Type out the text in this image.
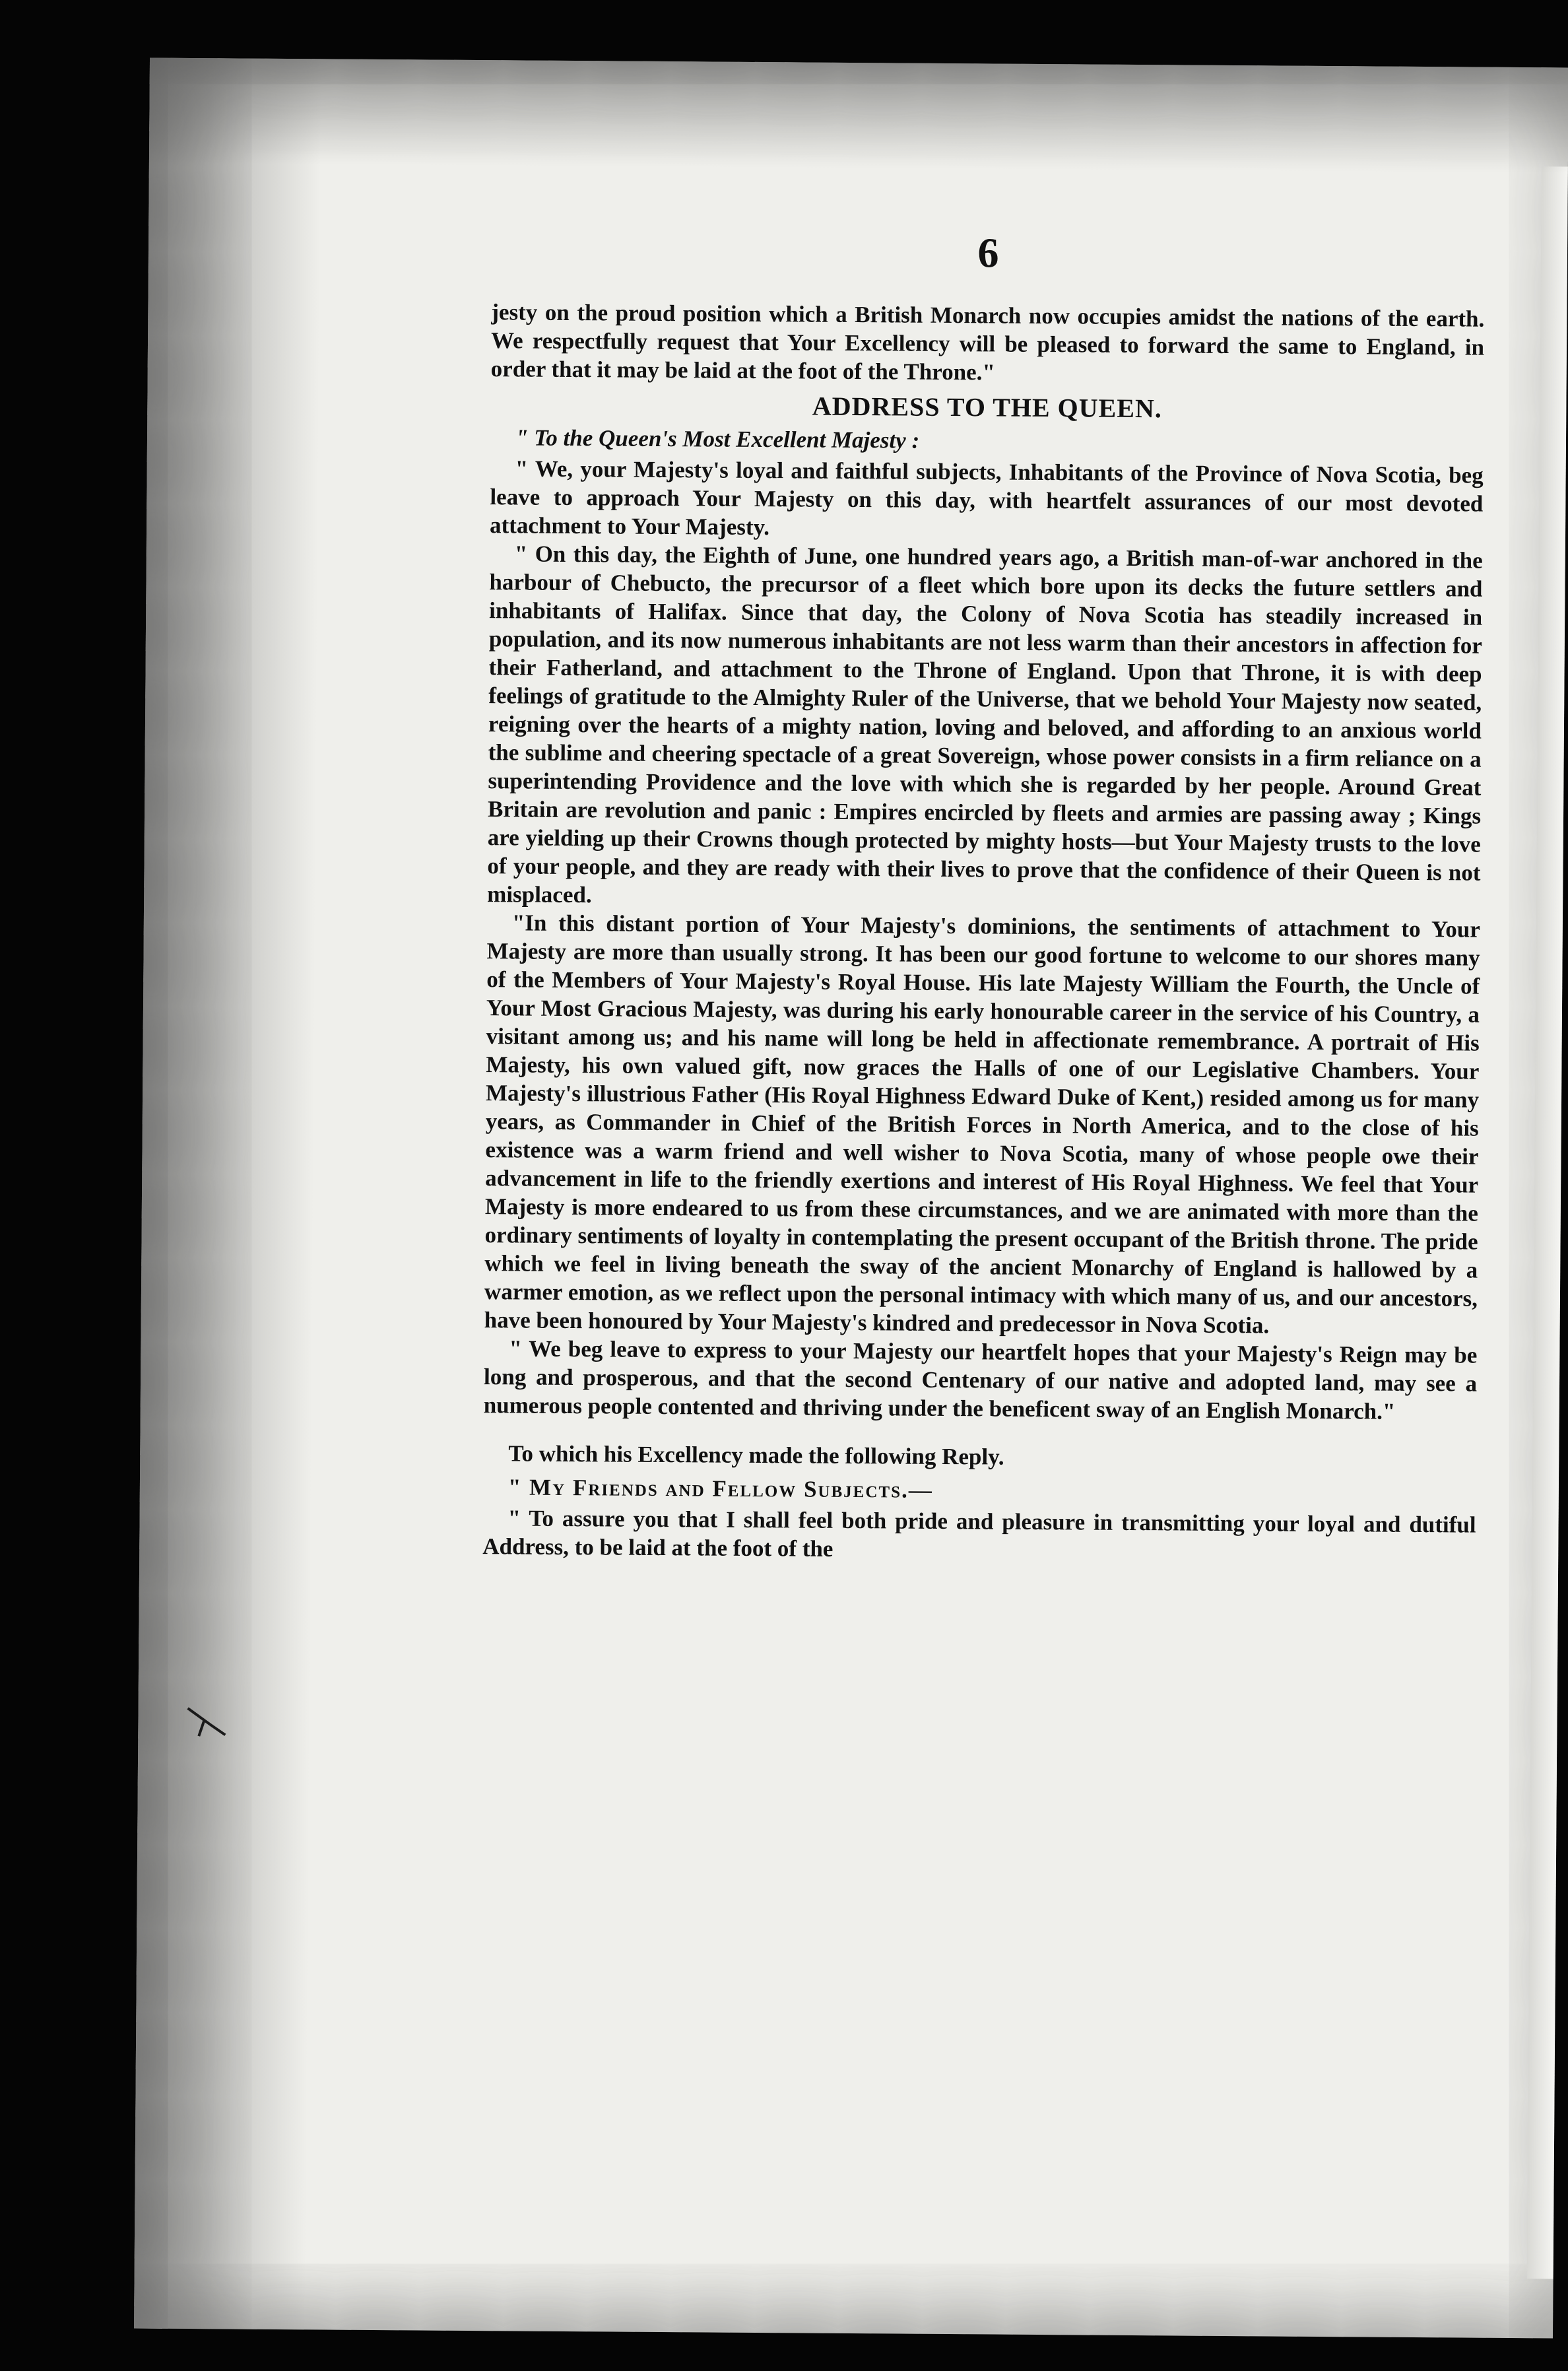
6

jesty on the proud position which a British Monarch now occupies amidst the nations of the earth. We respectfully request that Your Excellency will be pleased to forward the same to England, in order that it may be laid at the foot of the Throne."

ADDRESS TO THE QUEEN.

" To the Queen's Most Excellent Majesty :

" We, your Majesty's loyal and faithful subjects, Inhabitants of the Province of Nova Scotia, beg leave to approach Your Majesty on this day, with heartfelt assurances of our most devoted attachment to Your Majesty.

" On this day, the Eighth of June, one hundred years ago, a British man-of-war anchored in the harbour of Chebucto, the precursor of a fleet which bore upon its decks the future settlers and inhabitants of Halifax. Since that day, the Colony of Nova Scotia has steadily increased in population, and its now numerous inhabitants are not less warm than their ancestors in affection for their Fatherland, and attachment to the Throne of England. Upon that Throne, it is with deep feelings of gratitude to the Almighty Ruler of the Universe, that we behold Your Majesty now seated, reigning over the hearts of a mighty nation, loving and beloved, and affording to an anxious world the sublime and cheering spectacle of a great Sovereign, whose power consists in a firm reliance on a superintending Providence and the love with which she is regarded by her people. Around Great Britain are revolution and panic : Empires encircled by fleets and armies are passing away ; Kings are yielding up their Crowns though protected by mighty hosts—but Your Majesty trusts to the love of your people, and they are ready with their lives to prove that the confidence of their Queen is not misplaced.

"In this distant portion of Your Majesty's dominions, the sentiments of attachment to Your Majesty are more than usually strong. It has been our good fortune to welcome to our shores many of the Members of Your Majesty's Royal House. His late Majesty William the Fourth, the Uncle of Your Most Gracious Majesty, was during his early honourable career in the service of his Country, a visitant among us; and his name will long be held in affectionate remembrance. A portrait of His Majesty, his own valued gift, now graces the Halls of one of our Legislative Chambers. Your Majesty's illustrious Father (His Royal Highness Edward Duke of Kent,) resided among us for many years, as Commander in Chief of the British Forces in North America, and to the close of his existence was a warm friend and well wisher to Nova Scotia, many of whose people owe their advancement in life to the friendly exertions and interest of His Royal Highness. We feel that Your Majesty is more endeared to us from these circumstances, and we are animated with more than the ordinary sentiments of loyalty in contemplating the present occupant of the British throne. The pride which we feel in living beneath the sway of the ancient Monarchy of England is hallowed by a warmer emotion, as we reflect upon the personal intimacy with which many of us, and our ancestors, have been honoured by Your Majesty's kindred and predecessor in Nova Scotia.

" We beg leave to express to your Majesty our heartfelt hopes that your Majesty's Reign may be long and prosperous, and that the second Centenary of our native and adopted land, may see a numerous people contented and thriving under the beneficent sway of an English Monarch."

To which his Excellency made the following Reply.

" My Friends and Fellow Subjects.—

" To assure you that I shall feel both pride and pleasure in transmitting your loyal and dutiful Address, to be laid at the foot of the
